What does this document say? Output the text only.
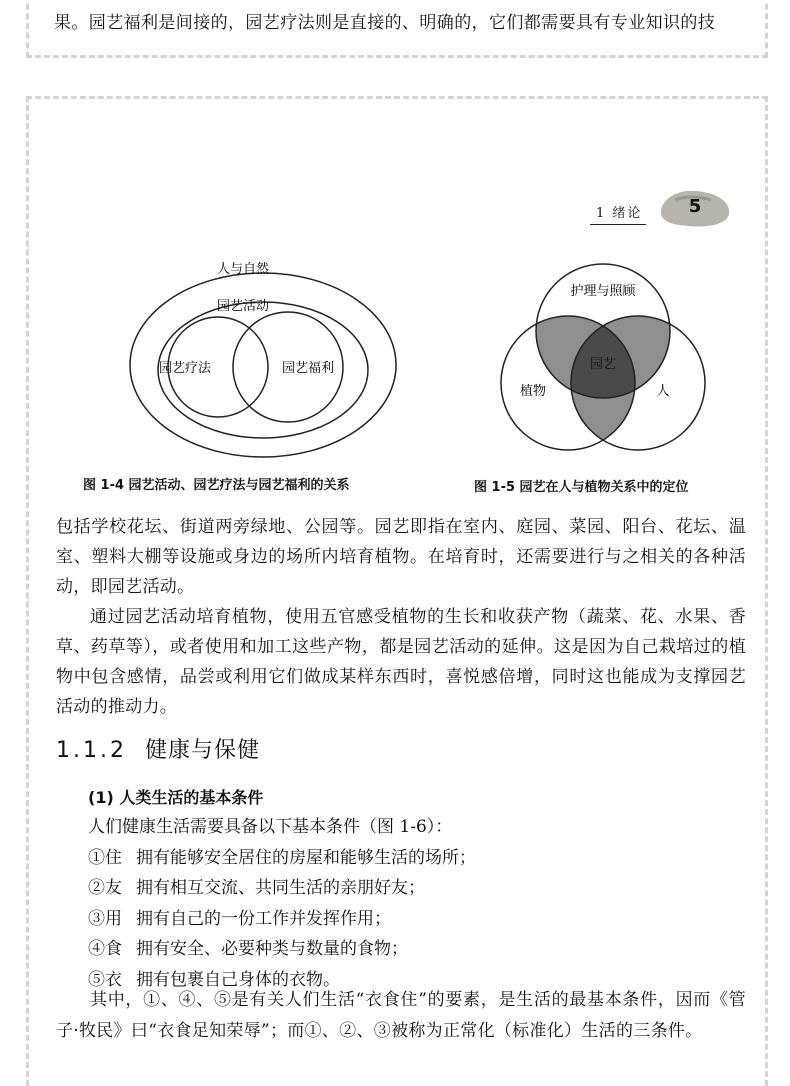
果。园艺福利是间接的，园艺疗法则是直接的、明确的，它们都需要具有专业知识的技
1 绪论	5
人与自然
园艺活动
园艺疗法	园艺福利
图 1-4 园艺活动、园艺疗法与园艺福利的关系
护理与照顾
植物	人
园艺
图 1-5 园艺在人与植物关系中的定位

包括学校花坛、街道两旁绿地、公园等。园艺即指在室内、庭园、菜园、阳台、花坛、温室、塑料大棚等设施或身边的场所内培育植物。在培育时，还需要进行与之相关的各种活动，即园艺活动。

通过园艺活动培育植物，使用五官感受植物的生长和收获产物（蔬菜、花、水果、香草、药草等），或者使用和加工这些产物，都是园艺活动的延伸。这是因为自己栽培过的植物中包含感情，品尝或利用它们做成某样东西时，喜悦感倍增，同时这也能成为支撑园艺活动的推动力。

1.1.2 健康与保健
(1) 人类生活的基本条件
人们健康生活需要具备以下基本条件（图 1-6）：
①住 拥有能够安全居住的房屋和能够生活的场所；
②友 拥有相互交流、共同生活的亲朋好友；
③用 拥有自己的一份工作并发挥作用；
④食 拥有安全、必要种类与数量的食物；
⑤衣 拥有包裹自己身体的衣物。

其中，①、④、⑤是有关人们生活“衣食住”的要素，是生活的最基本条件，因而《管子·牧民》曰“衣食足知荣辱”；而①、②、③被称为正常化（标准化）生活的三条件。
